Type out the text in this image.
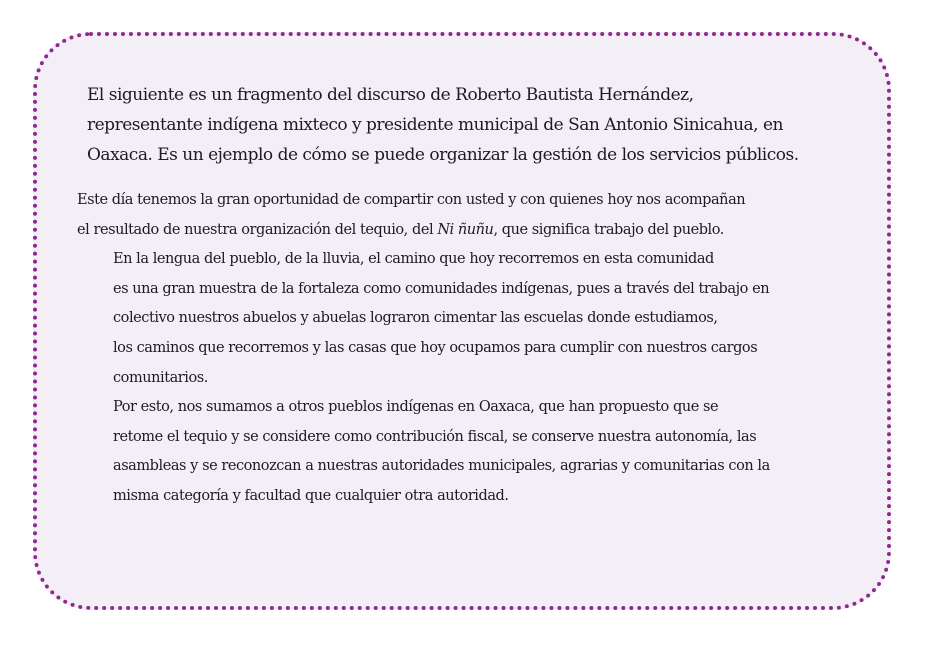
El siguiente es un fragmento del discurso de Roberto Bautista Hernández,
representante indígena mixteco y presidente municipal de San Antonio Sinicahua, en
Oaxaca. Es un ejemplo de cómo se puede organizar la gestión de los servicios públicos.

Este día tenemos la gran oportunidad de compartir con usted y con quienes hoy nos acompañan
el resultado de nuestra organización del tequio, del Ni ñuñu, que significa trabajo del pueblo.

En la lengua del pueblo, de la lluvia, el camino que hoy recorremos en esta comunidad
es una gran muestra de la fortaleza como comunidades indígenas, pues a través del trabajo en
colectivo nuestros abuelos y abuelas lograron cimentar las escuelas donde estudiamos,
los caminos que recorremos y las casas que hoy ocupamos para cumplir con nuestros cargos
comunitarios.

Por esto, nos sumamos a otros pueblos indígenas en Oaxaca, que han propuesto que se
retome el tequio y se considere como contribución fiscal, se conserve nuestra autonomía, las
asambleas y se reconozcan a nuestras autoridades municipales, agrarias y comunitarias con la
misma categoría y facultad que cualquier otra autoridad.
